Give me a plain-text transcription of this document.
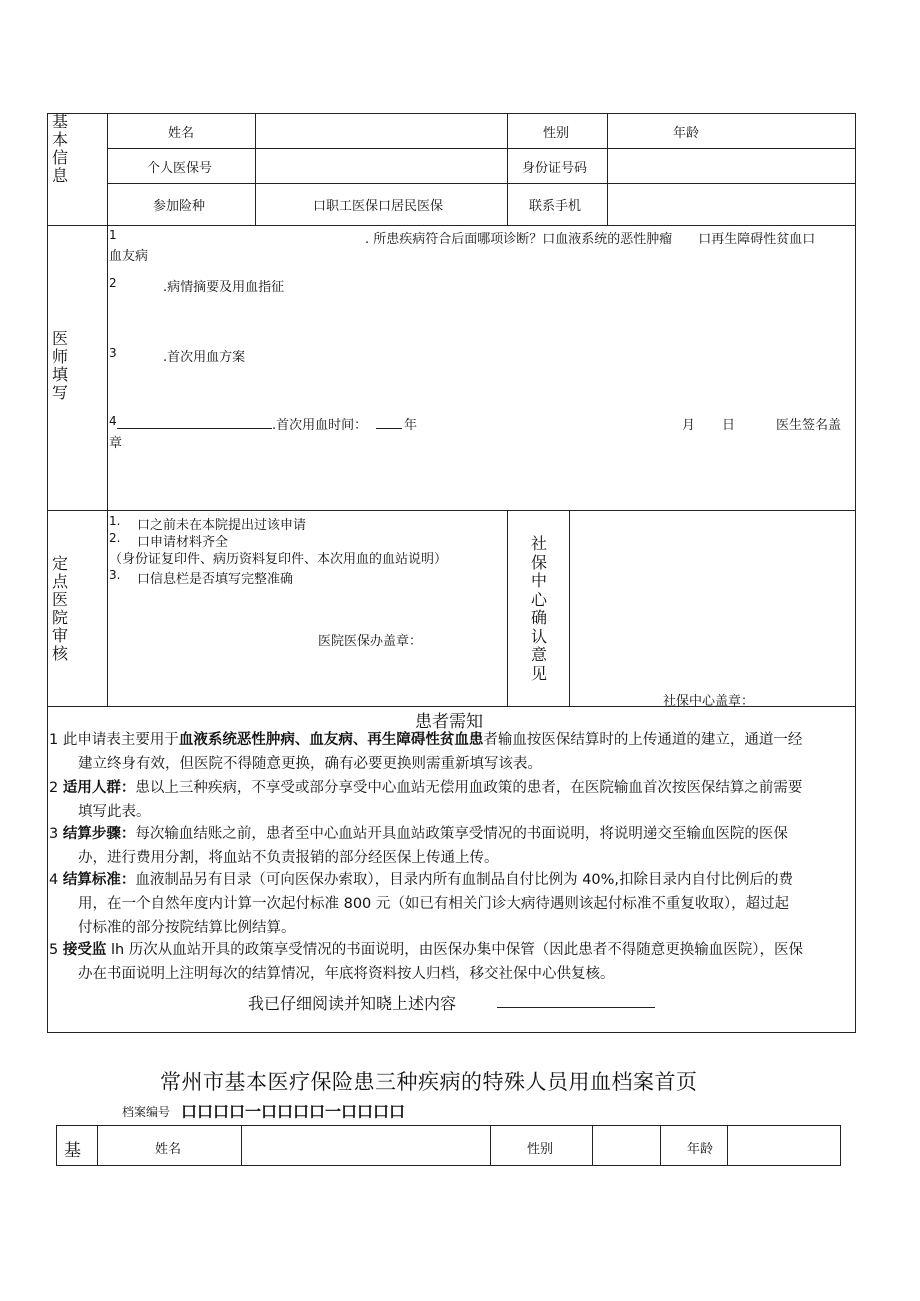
基
本
信
息
姓名	性别	年龄
个人医保号	身份证号码
参加险种	口职工医保口居民医保	联系手机
医
师
填
写
1	. 所患疾病符合后面哪项诊断？口血液系统的恶性肿瘤　　口再生障碍性贫血口
血友病
2	.病情摘要及用血指征
3	.首次用血方案
4	.首次用血时间：	年	月 日	医生签名盖
章
定
点
医
院
审
核
1. 口之前未在本院提出过该申请
2. 口申请材料齐全
（身份证复印件、病历资料复印件、本次用血的血站说明）
3. 口信息栏是否填写完整准确
医院医保办盖章：
社
保
中
心
确
认
意
见
社保中心盖章：
患者需知
1 此申请表主要用于血液系统恶性肿病、血友病、再生障碍性贫血患者输血按医保结算时的上传通道的建立，通道一经
建立终身有效，但医院不得随意更换，确有必要更换则需重新填写该表。
2 适用人群：患以上三种疾病，不享受或部分享受中心血站无偿用血政策的患者，在医院输血首次按医保结算之前需要
填写此表。
3 结算步骤：每次输血结账之前，患者至中心血站开具血站政策享受情况的书面说明，将说明递交至输血医院的医保
办，进行费用分割，将血站不负责报销的部分经医保上传通上传。
4 结算标准：血液制品另有目录（可向医保办索取），目录内所有血制品自付比例为 40%,扣除目录内自付比例后的费
用，在一个自然年度内计算一次起付标准 800 元（如已有相关门诊大病待遇则该起付标准不重复收取），超过起
付标准的部分按院结算比例结算。
5 接受监 lh 历次从血站开具的政策享受情况的书面说明，由医保办集中保管（因此患者不得随意更换输血医院），医保
办在书面说明上注明每次的结算情况，年底将资料按人归档，移交社保中心供复核。
我已仔细阅读并知晓上述内容
常州市基本医疗保险患三种疾病的特殊人员用血档案首页
档案编号 口口口口一口口口口一口口口口
基	姓名	性别	年龄
